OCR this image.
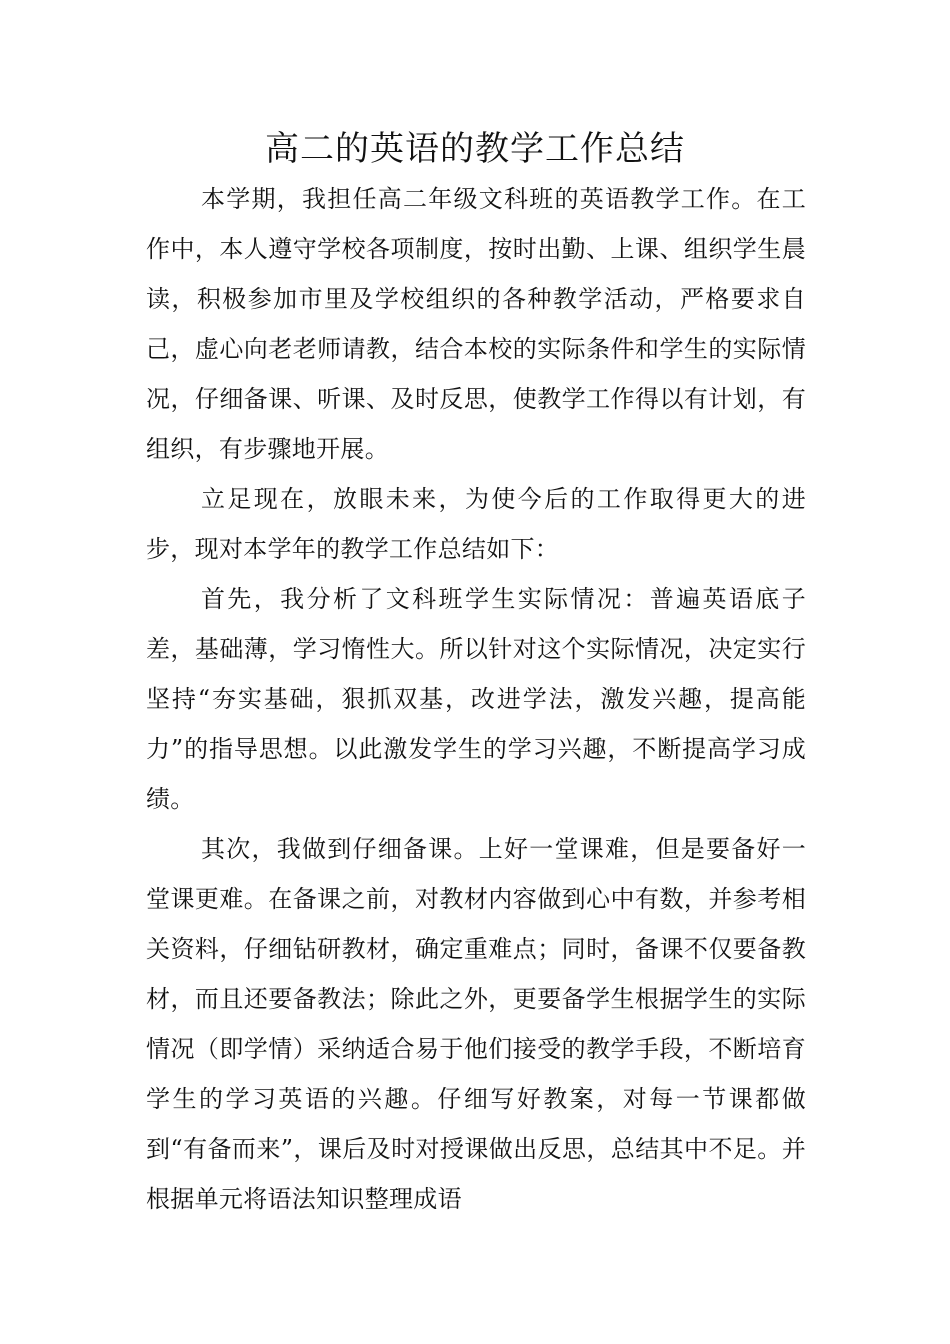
高二的英语的教学工作总结

本学期，我担任高二年级文科班的英语教学工作。在工作中，本人遵守学校各项制度，按时出勤、上课、组织学生晨读，积极参加市里及学校组织的各种教学活动，严格要求自己，虚心向老老师请教，结合本校的实际条件和学生的实际情况，仔细备课、听课、及时反思，使教学工作得以有计划，有组织，有步骤地开展。

立足现在，放眼未来，为使今后的工作取得更大的进步，现对本学年的教学工作总结如下：

首先，我分析了文科班学生实际情况：普遍英语底子差，基础薄，学习惰性大。所以针对这个实际情况，决定实行坚持“夯实基础，狠抓双基，改进学法，激发兴趣，提高能力”的指导思想。以此激发学生的学习兴趣，不断提高学习成绩。

其次，我做到仔细备课。上好一堂课难，但是要备好一堂课更难。在备课之前，对教材内容做到心中有数，并参考相关资料，仔细钻研教材，确定重难点；同时，备课不仅要备教材，而且还要备教法；除此之外，更要备学生根据学生的实际情况（即学情）采纳适合易于他们接受的教学手段，不断培育学生的学习英语的兴趣。仔细写好教案，对每一节课都做到“有备而来”，课后及时对授课做出反思，总结其中不足。并根据单元将语法知识整理成语
